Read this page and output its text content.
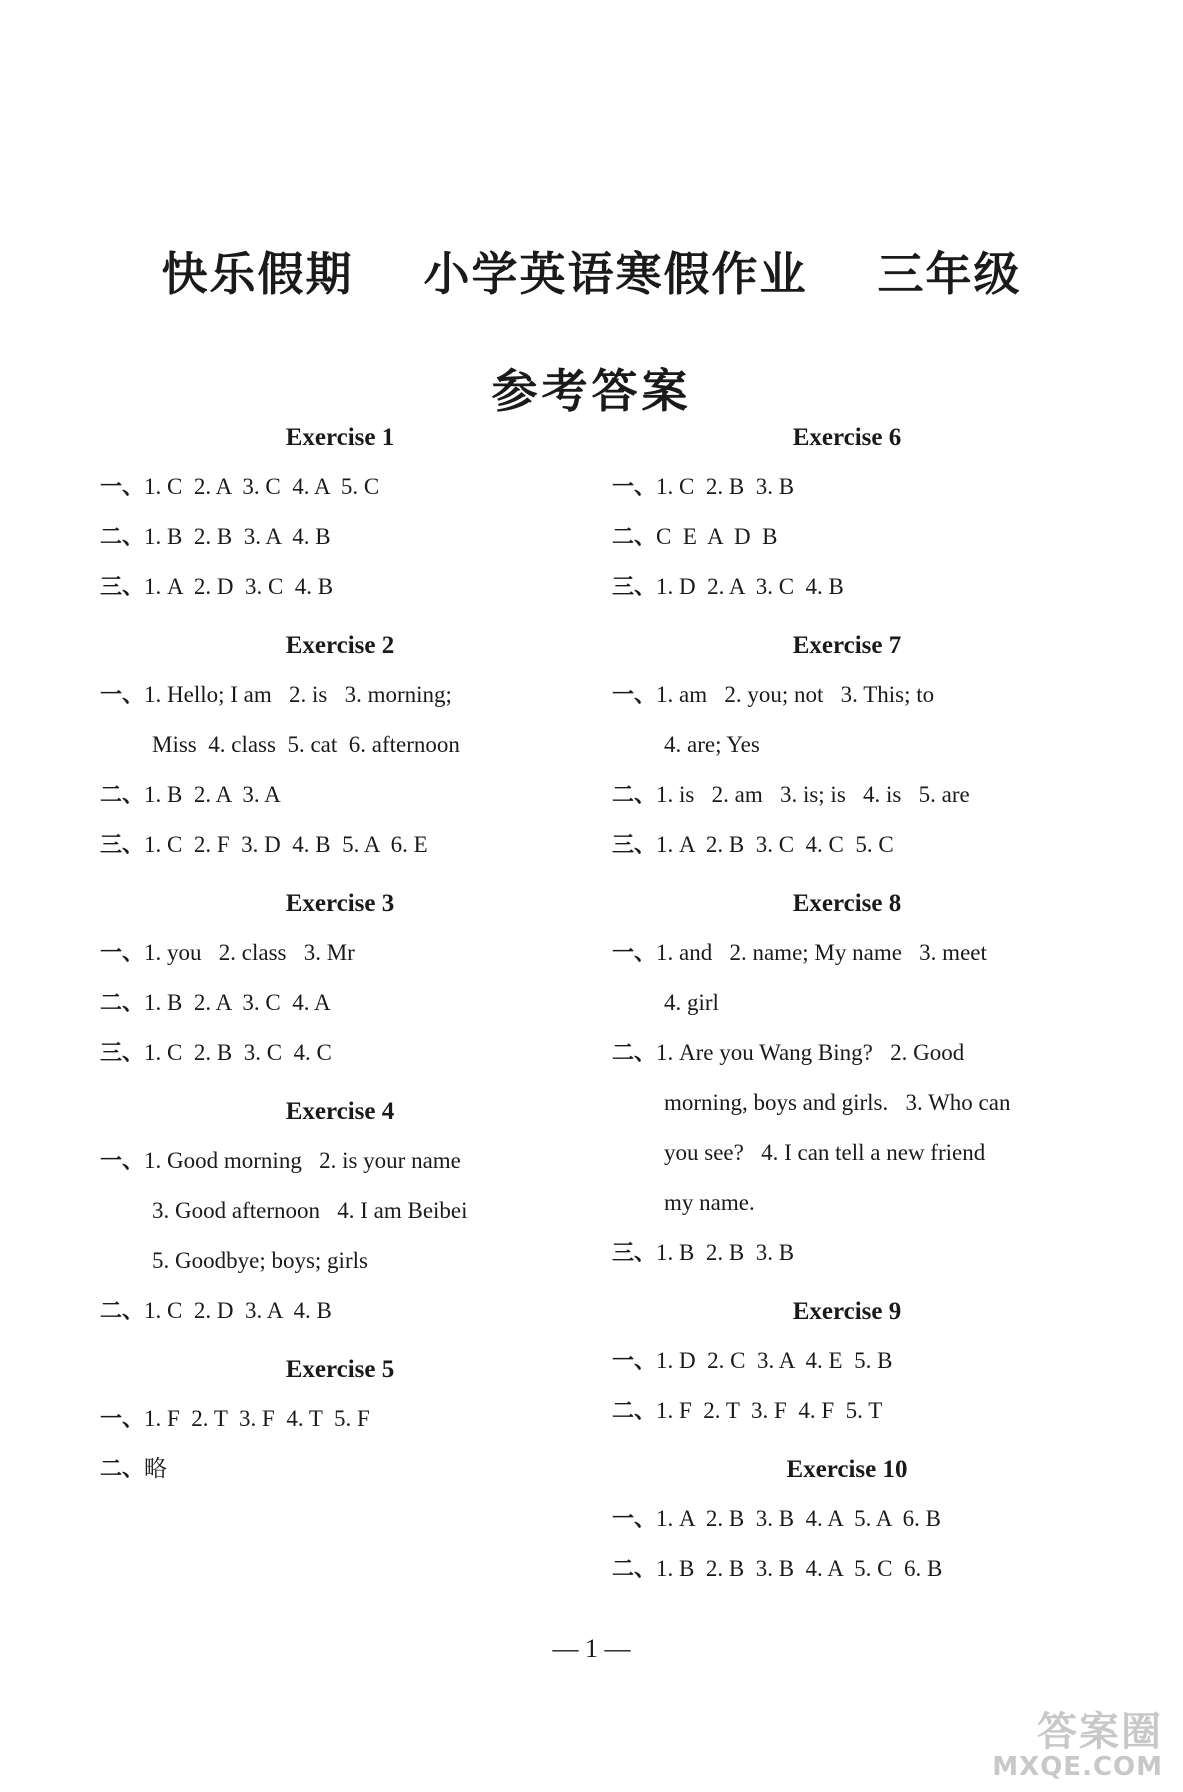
快乐假期 小学英语寒假作业 三年级
参考答案
Exercise 1
一、1. C  2. A  3. C  4. A  5. C
二、1. B  2. B  3. A  4. B
三、1. A  2. D  3. C  4. B
Exercise 2
一、1. Hello; I am   2. is   3. morning;
Miss  4. class  5. cat  6. afternoon
二、1. B  2. A  3. A
三、1. C  2. F  3. D  4. B  5. A  6. E
Exercise 3
一、1. you   2. class   3. Mr
二、1. B  2. A  3. C  4. A
三、1. C  2. B  3. C  4. C
Exercise 4
一、1. Good morning   2. is your name
3. Good afternoon   4. I am Beibei
5. Goodbye; boys; girls
二、1. C  2. D  3. A  4. B
Exercise 5
一、1. F  2. T  3. F  4. T  5. F
二、略
Exercise 6
一、1. C  2. B  3. B
二、C  E  A  D  B
三、1. D  2. A  3. C  4. B
Exercise 7
一、1. am   2. you; not   3. This; to
4. are; Yes
二、1. is   2. am   3. is; is   4. is   5. are
三、1. A  2. B  3. C  4. C  5. C
Exercise 8
一、1. and   2. name; My name   3. meet
4. girl
二、1. Are you Wang Bing?   2. Good
morning, boys and girls.   3. Who can
you see?   4. I can tell a new friend
my name.
三、1. B  2. B  3. B
Exercise 9
一、1. D  2. C  3. A  4. E  5. B
二、1. F  2. T  3. F  4. F  5. T
Exercise 10
一、1. A  2. B  3. B  4. A  5. A  6. B
二、1. B  2. B  3. B  4. A  5. C  6. B
— 1 —
答案圈
MXQE.COM
